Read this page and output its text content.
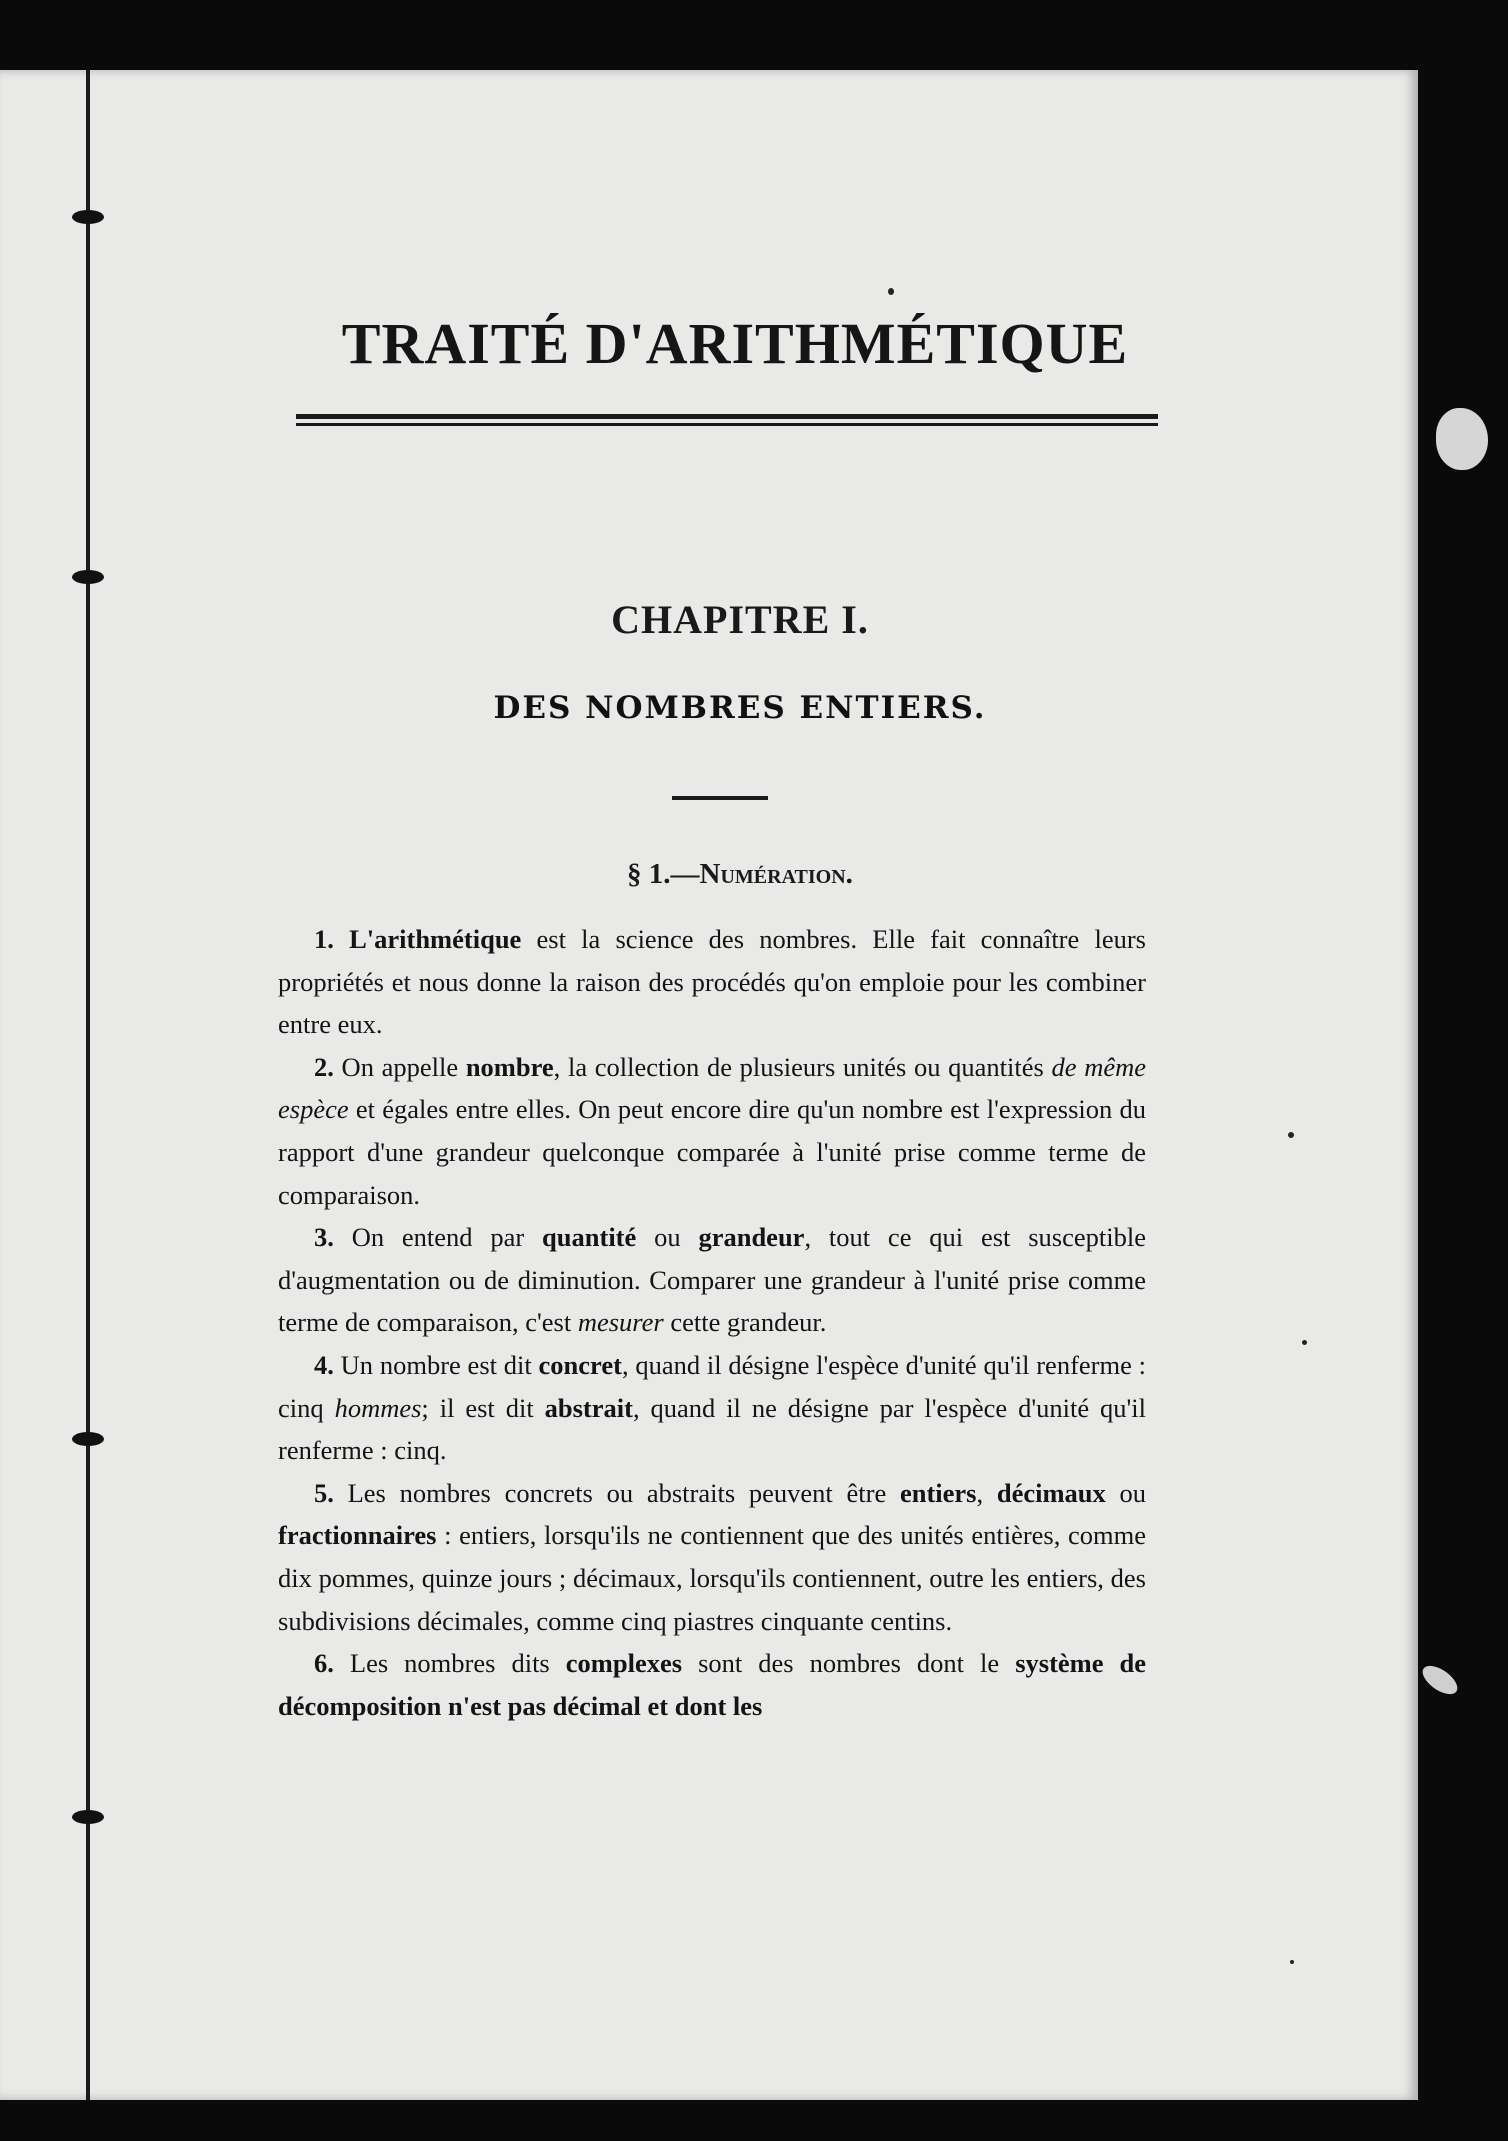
TRAITÉ D'ARITHMÉTIQUE
CHAPITRE I.
DES NOMBRES ENTIERS.
§ 1.—Numération.

1. L'arithmétique est la science des nombres. Elle fait connaître leurs propriétés et nous donne la raison des procédés qu'on emploie pour les combiner entre eux.

2. On appelle nombre, la collection de plusieurs unités ou quantités de même espèce et égales entre elles. On peut encore dire qu'un nombre est l'expression du rapport d'une grandeur quelconque comparée à l'unité prise comme terme de comparaison.

3. On entend par quantité ou grandeur, tout ce qui est susceptible d'augmentation ou de diminution. Comparer une grandeur à l'unité prise comme terme de comparaison, c'est mesurer cette grandeur.

4. Un nombre est dit concret, quand il désigne l'espèce d'unité qu'il renferme : cinq hommes; il est dit abstrait, quand il ne désigne par l'espèce d'unité qu'il renferme : cinq.

5. Les nombres concrets ou abstraits peuvent être entiers, décimaux ou fractionnaires : entiers, lorsqu'ils ne contiennent que des unités entières, comme dix pommes, quinze jours ; décimaux, lorsqu'ils contiennent, outre les entiers, des subdivisions décimales, comme cinq piastres cinquante centins.

6. Les nombres dits complexes sont des nombres dont le système de décomposition n'est pas décimal et dont les
